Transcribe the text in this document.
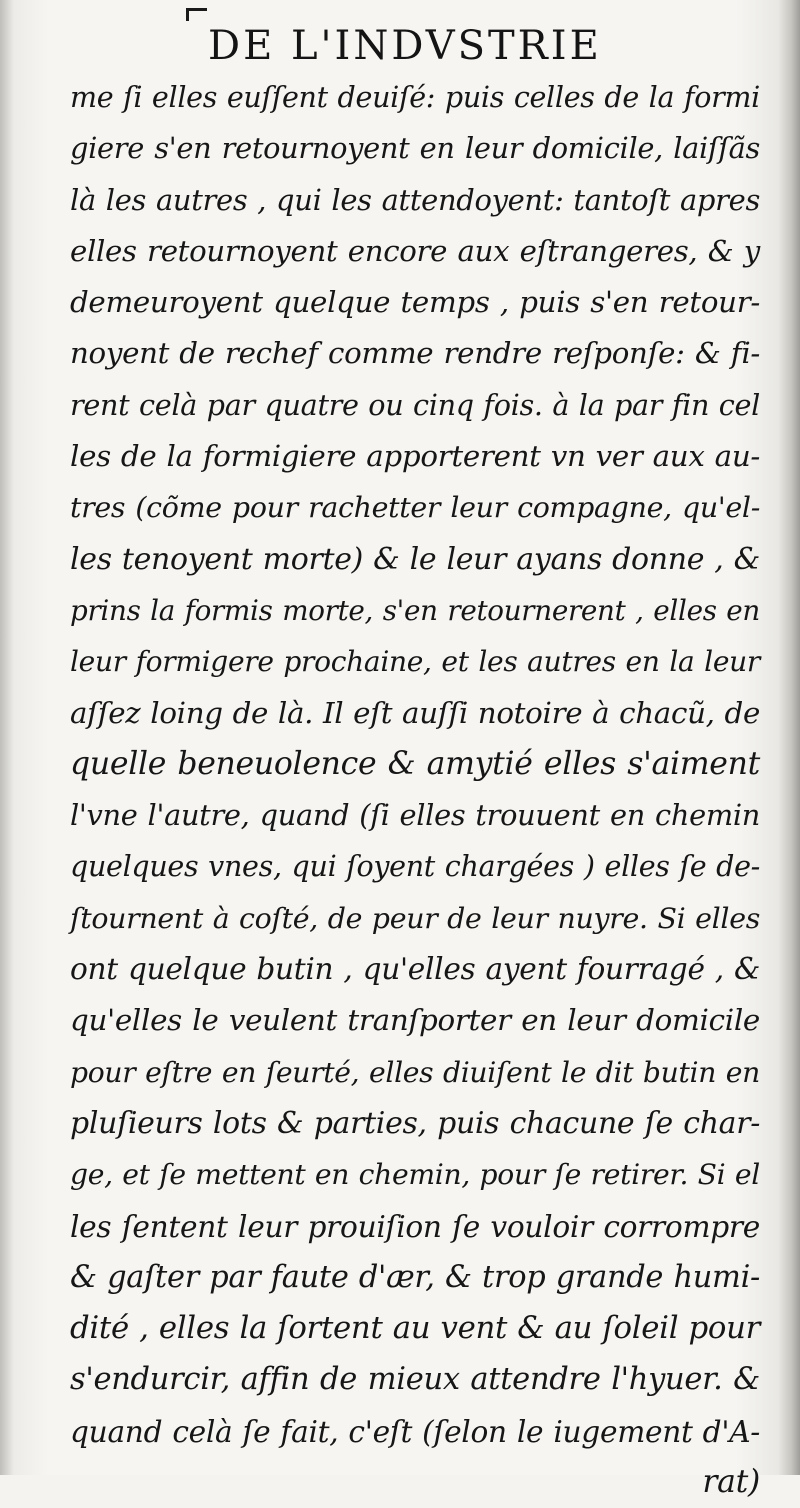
DE L'INDVSTRIE
me ſi elles euſſent deuiſé: puis celles de la formi
giere s'en retournoyent en leur domicile, laiſſãs
là les autres , qui les attendoyent: tantoſt apres
elles retournoyent encore aux eſtrangeres, & y
demeuroyent quelque temps , puis s'en retour-
noyent de rechef comme rendre reſponſe: & fi-
rent celà par quatre ou cinq fois. à la par fin cel
les de la formigiere apporterent vn ver aux au-
tres (cõme pour rachetter leur compagne, qu'el-
les tenoyent morte) & le leur ayans donne , &
prins la formis morte, s'en retournerent , elles en
leur formigere prochaine, et les autres en la leur
aſſez loing de là. Il eſt auſſi notoire à chacũ, de
quelle beneuolence & amytié elles s'aiment
l'vne l'autre, quand (ſi elles trouuent en chemin
quelques vnes, qui ſoyent chargées ) elles ſe de-
ſtournent à coſté, de peur de leur nuyre. Si elles
ont quelque butin , qu'elles ayent fourragé , &
qu'elles le veulent tranſporter en leur domicile
pour eſtre en ſeurté, elles diuiſent le dit butin en
pluſieurs lots & parties, puis chacune ſe char-
ge, et ſe mettent en chemin, pour ſe retirer. Si el
les ſentent leur prouiſion ſe vouloir corrompre
& gaſter par faute d'ær, & trop grande humi-
dité , elles la ſortent au vent & au ſoleil pour
s'endurcir, affin de mieux attendre l'hyuer. &
quand celà ſe fait, c'eſt (ſelon le iugement d'A-
rat)
